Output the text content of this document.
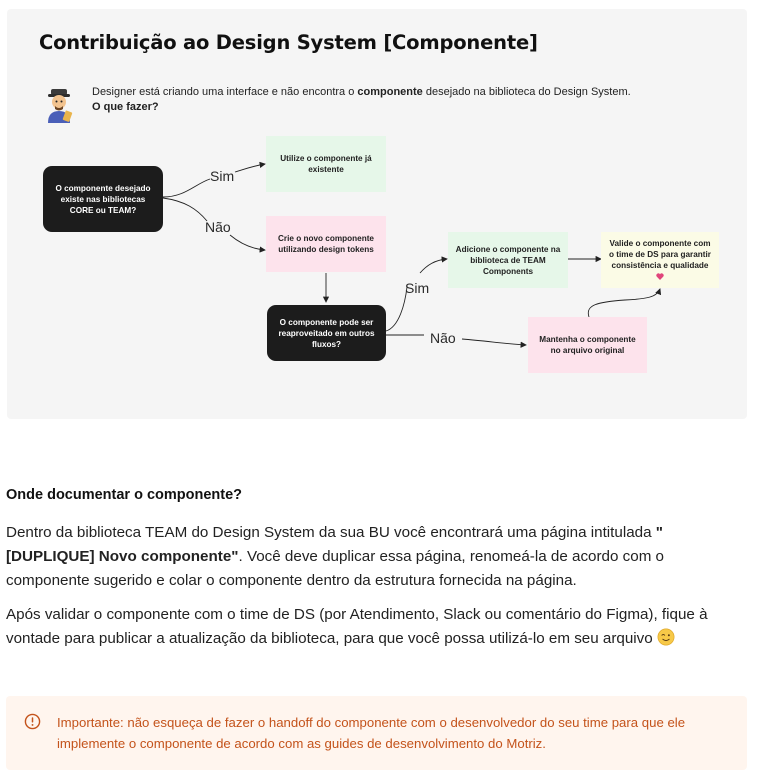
Contribuição ao Design System [Componente]
Designer está criando uma interface e não encontra o componente desejado na biblioteca do Design System.
O que fazer?
O componente desejado existe nas bibliotecas CORE ou TEAM?
Utilize o componente já existente
Crie o novo componente utilizando design tokens
O componente pode ser reaproveitado em outros fluxos?
Adicione o componente na biblioteca de TEAM Components
Valide o componente com o time de DS para garantir consistência e qualidade
Mantenha o componente no arquivo original
Sim
Não
Sim
Não
Onde documentar o componente?
Dentro da biblioteca TEAM do Design System da sua BU você encontrará uma página intitulada " [DUPLIQUE] Novo componente". Você deve duplicar essa página, renomeá-la de acordo com o componente sugerido e colar o componente dentro da estrutura fornecida na página.
Após validar o componente com o time de DS (por Atendimento, Slack ou comentário do Figma), fique à vontade para publicar a atualização da biblioteca, para que você possa utilizá-lo em seu arquivo
Importante: não esqueça de fazer o handoff do componente com o desenvolvedor do seu time para que ele implemente o componente de acordo com as guides de desenvolvimento do Motriz.
